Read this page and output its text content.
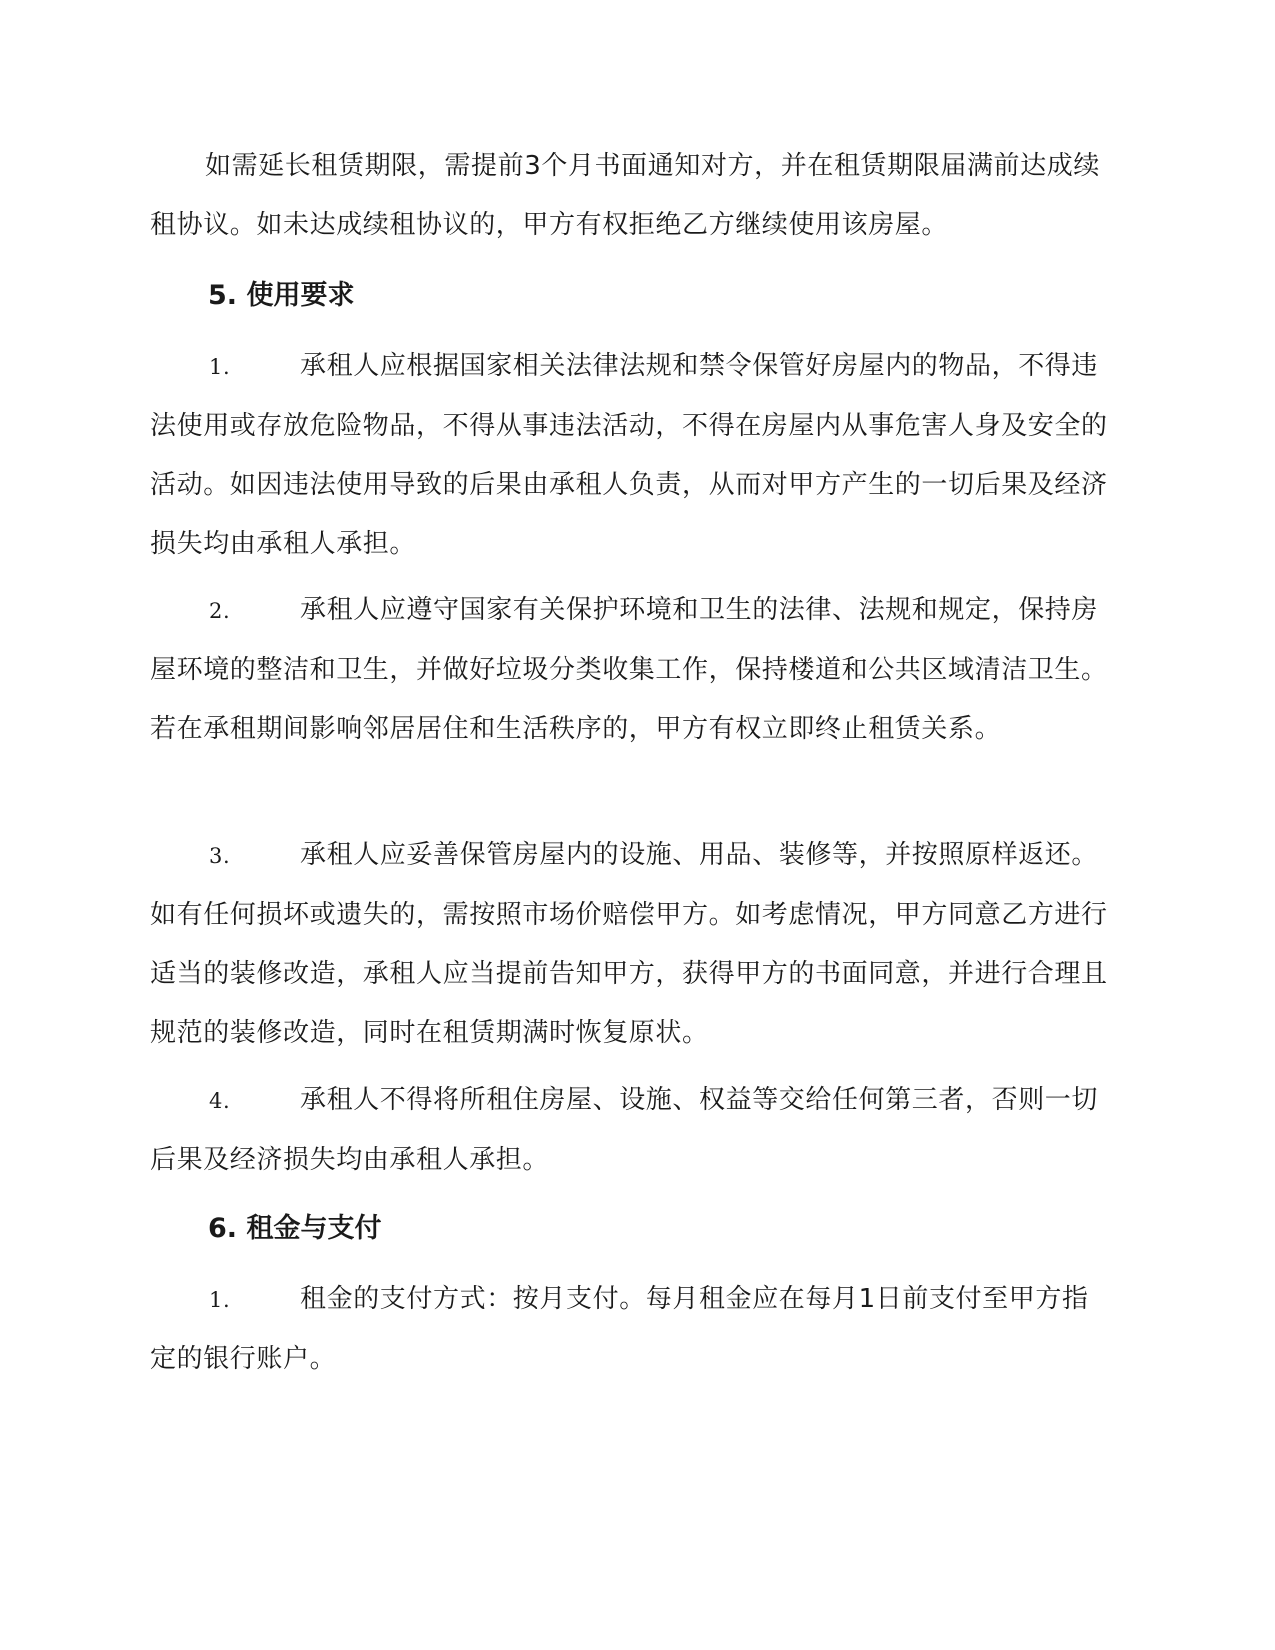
如需延长租赁期限，需提前3个月书面通知对方，并在租赁期限届满前达成续租协议。如未达成续租协议的，甲方有权拒绝乙方继续使用该房屋。

5. 使用要求

1.	承租人应根据国家相关法律法规和禁令保管好房屋内的物品，不得违法使用或存放危险物品，不得从事违法活动，不得在房屋内从事危害人身及安全的活动。如因违法使用导致的后果由承租人负责，从而对甲方产生的一切后果及经济损失均由承租人承担。

2.	承租人应遵守国家有关保护环境和卫生的法律、法规和规定，保持房屋环境的整洁和卫生，并做好垃圾分类收集工作，保持楼道和公共区域清洁卫生。若在承租期间影响邻居居住和生活秩序的，甲方有权立即终止租赁关系。

3.	承租人应妥善保管房屋内的设施、用品、装修等，并按照原样返还。如有任何损坏或遗失的，需按照市场价赔偿甲方。如考虑情况，甲方同意乙方进行适当的装修改造，承租人应当提前告知甲方，获得甲方的书面同意，并进行合理且规范的装修改造，同时在租赁期满时恢复原状。

4.	承租人不得将所租住房屋、设施、权益等交给任何第三者，否则一切后果及经济损失均由承租人承担。

6. 租金与支付

1.	租金的支付方式：按月支付。每月租金应在每月1日前支付至甲方指定的银行账户。
